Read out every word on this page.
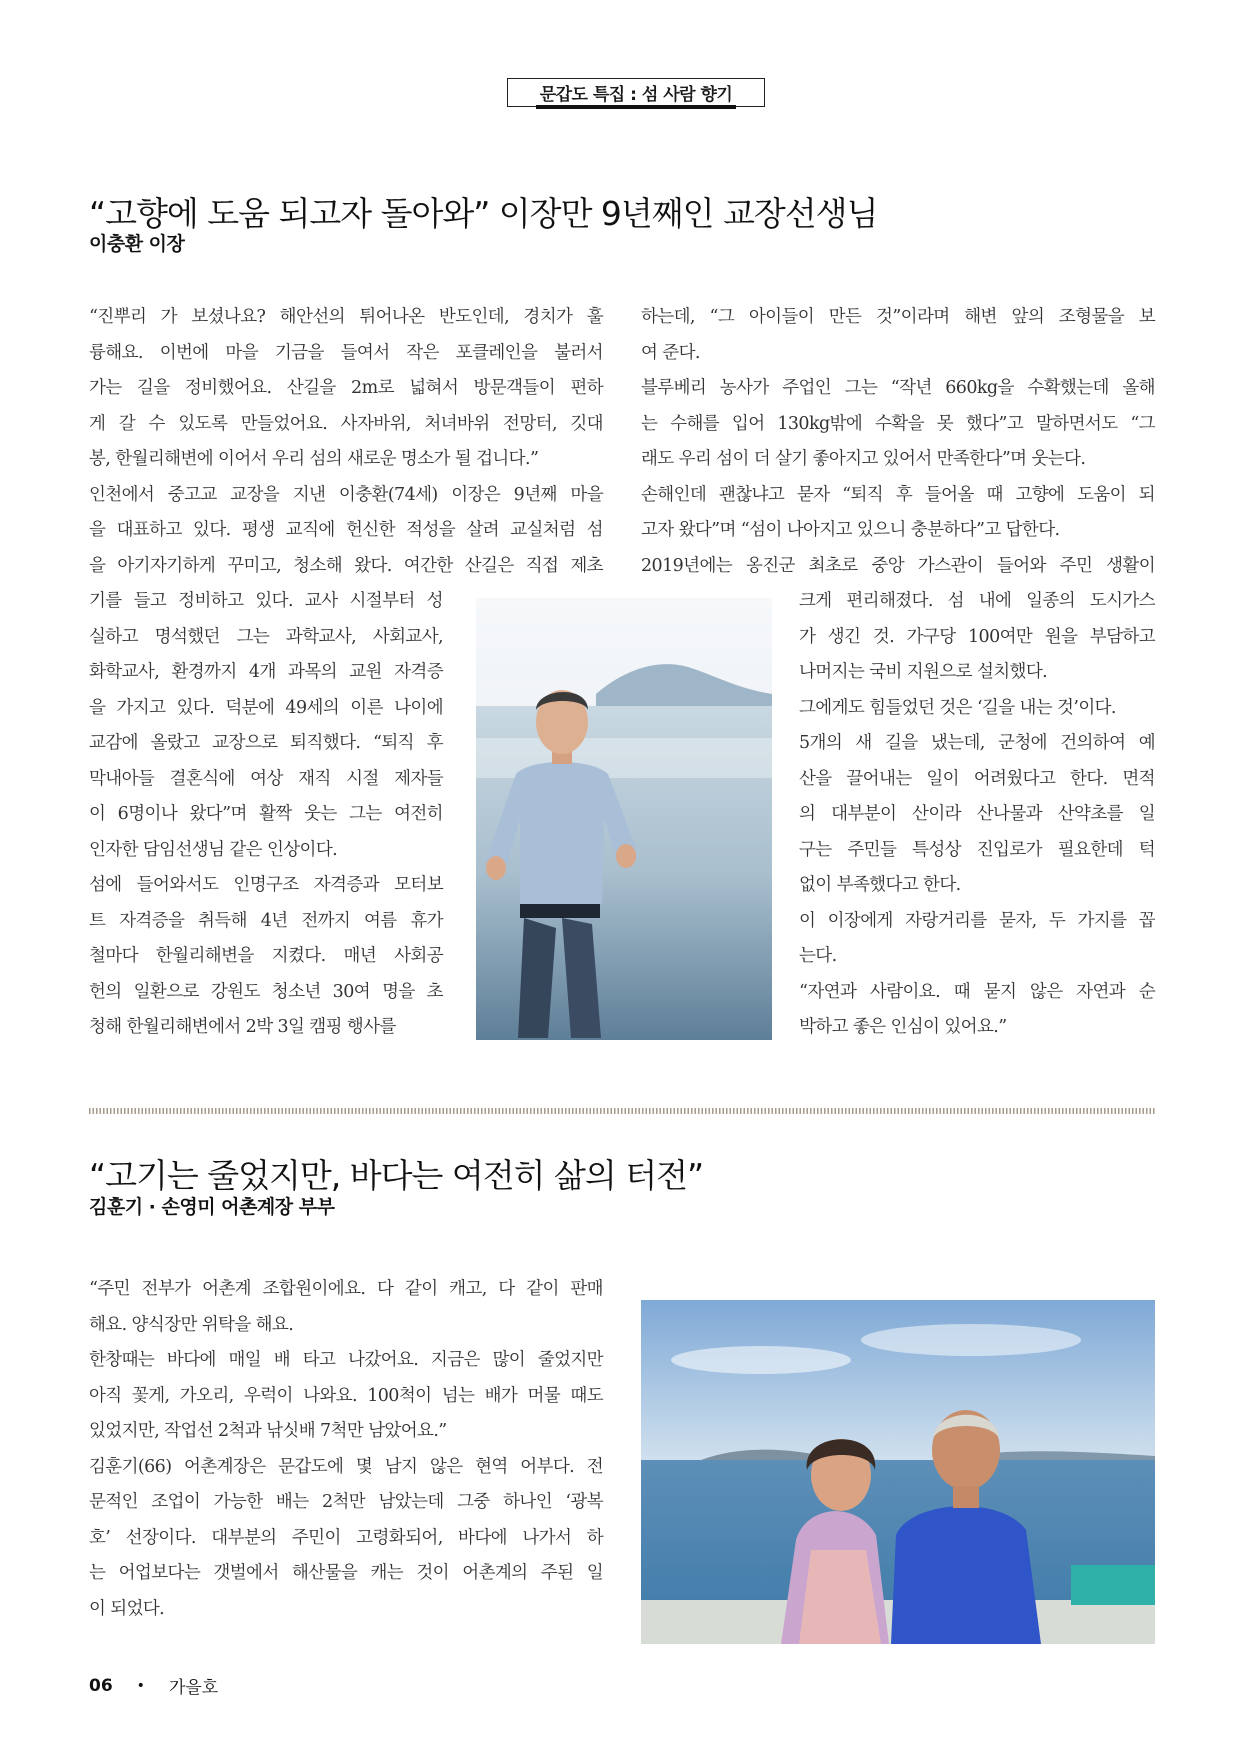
문갑도 특집 : 섬 사람 향기
“고향에 도움 되고자 돌아와” 이장만 9년째인 교장선생님
이충환 이장
“진뿌리 가 보셨나요? 해안선의 튀어나온 반도인데, 경치가 훌
륭해요. 이번에 마을 기금을 들여서 작은 포클레인을 불러서
가는 길을 정비했어요. 산길을 2m로 넓혀서 방문객들이 편하
게 갈 수 있도록 만들었어요. 사자바위, 처녀바위 전망터, 깃대
봉, 한월리해변에 이어서 우리 섬의 새로운 명소가 될 겁니다.”
인천에서 중고교 교장을 지낸 이충환(74세) 이장은 9년째 마을
을 대표하고 있다. 평생 교직에 헌신한 적성을 살려 교실처럼 섬
을 아기자기하게 꾸미고, 청소해 왔다. 여간한 산길은 직접 제초
기를 들고 정비하고 있다. 교사 시절부터 성
실하고 명석했던 그는 과학교사, 사회교사,
화학교사, 환경까지 4개 과목의 교원 자격증
을 가지고 있다. 덕분에 49세의 이른 나이에
교감에 올랐고 교장으로 퇴직했다. “퇴직 후
막내아들 결혼식에 여상 재직 시절 제자들
이 6명이나 왔다”며 활짝 웃는 그는 여전히
인자한 담임선생님 같은 인상이다.
섬에 들어와서도 인명구조 자격증과 모터보
트 자격증을 취득해 4년 전까지 여름 휴가
철마다 한월리해변을 지켰다. 매년 사회공
헌의 일환으로 강원도 청소년 30여 명을 초
청해 한월리해변에서 2박 3일 캠핑 행사를
하는데, “그 아이들이 만든 것”이라며 해변 앞의 조형물을 보
여 준다.
블루베리 농사가 주업인 그는 “작년 660kg을 수확했는데 올해
는 수해를 입어 130kg밖에 수확을 못 했다”고 말하면서도 “그
래도 우리 섬이 더 살기 좋아지고 있어서 만족한다”며 웃는다.
손해인데 괜찮냐고 묻자 “퇴직 후 들어올 때 고향에 도움이 되
고자 왔다”며 “섬이 나아지고 있으니 충분하다”고 답한다.
2019년에는 옹진군 최초로 중앙 가스관이 들어와 주민 생활이
크게 편리해졌다. 섬 내에 일종의 도시가스
가 생긴 것. 가구당 100여만 원을 부담하고
나머지는 국비 지원으로 설치했다.
그에게도 힘들었던 것은 ‘길을 내는 것’이다.
5개의 새 길을 냈는데, 군청에 건의하여 예
산을 끌어내는 일이 어려웠다고 한다. 면적
의 대부분이 산이라 산나물과 산약초를 일
구는 주민들 특성상 진입로가 필요한데 턱
없이 부족했다고 한다.
이 이장에게 자랑거리를 묻자, 두 가지를 꼽
는다.
“자연과 사람이요. 때 묻지 않은 자연과 순
박하고 좋은 인심이 있어요.”
“고기는 줄었지만, 바다는 여전히 삶의 터전”
김훈기 · 손영미 어촌계장 부부
“주민 전부가 어촌계 조합원이에요. 다 같이 캐고, 다 같이 판매
해요. 양식장만 위탁을 해요.
한창때는 바다에 매일 배 타고 나갔어요. 지금은 많이 줄었지만
아직 꽃게, 가오리, 우럭이 나와요. 100척이 넘는 배가 머물 때도
있었지만, 작업선 2척과 낚싯배 7척만 남았어요.”
김훈기(66) 어촌계장은 문갑도에 몇 남지 않은 현역 어부다. 전
문적인 조업이 가능한 배는 2척만 남았는데 그중 하나인 ‘광복
호’ 선장이다. 대부분의 주민이 고령화되어, 바다에 나가서 하
는 어업보다는 갯벌에서 해산물을 캐는 것이 어촌계의 주된 일
이 되었다.
06 • 가을호
